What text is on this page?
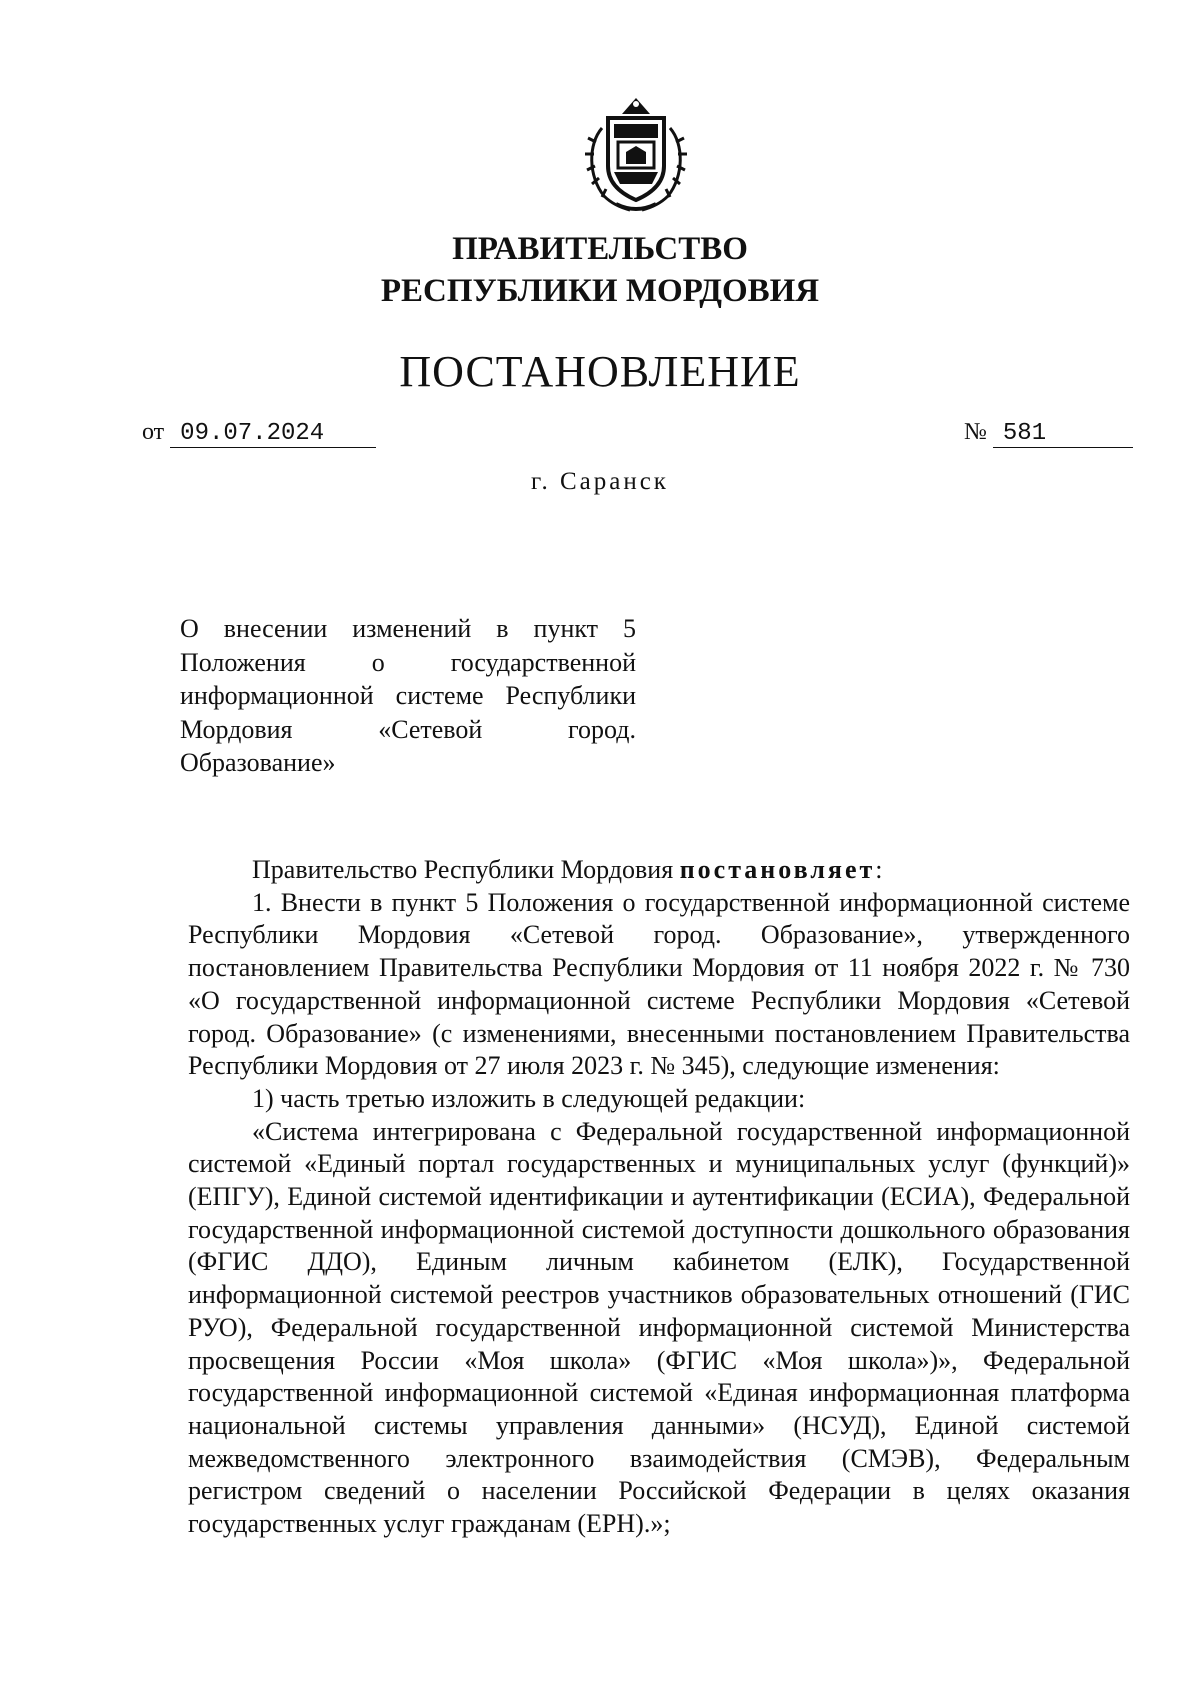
ПРАВИТЕЛЬСТВО
РЕСПУБЛИКИ МОРДОВИЯ
ПОСТАНОВЛЕНИЕ
от 09.07.2024	№ 581
г. Саранск
О внесении изменений в пункт 5 Положения о государственной информационной системе Республики Мордовия «Сетевой город. Образование»

Правительство Республики Мордовия постановляет:

1. Внести в пункт 5 Положения о государственной информационной системе Республики Мордовия «Сетевой город. Образование», утвержденного постановлением Правительства Республики Мордовия от 11 ноября 2022 г. № 730 «О государственной информационной системе Республики Мордовия «Сетевой город. Образование» (с изменениями, внесенными постановлением Правительства Республики Мордовия от 27 июля 2023 г. № 345), следующие изменения:

1) часть третью изложить в следующей редакции:

«Система интегрирована с Федеральной государственной информационной системой «Единый портал государственных и муниципальных услуг (функций)» (ЕПГУ), Единой системой идентификации и аутентификации (ЕСИА), Федеральной государственной информационной системой доступности дошкольного образования (ФГИС ДДО), Единым личным кабинетом (ЕЛК), Государственной информационной системой реестров участников образовательных отношений (ГИС РУО), Федеральной государственной информационной системой Министерства просвещения России «Моя школа» (ФГИС «Моя школа»)», Федеральной государственной информационной системой «Единая информационная платформа национальной системы управления данными» (НСУД), Единой системой межведомственного электронного взаимодействия (СМЭВ), Федеральным регистром сведений о населении Российской Федерации в целях оказания государственных услуг гражданам (ЕРН).»;
